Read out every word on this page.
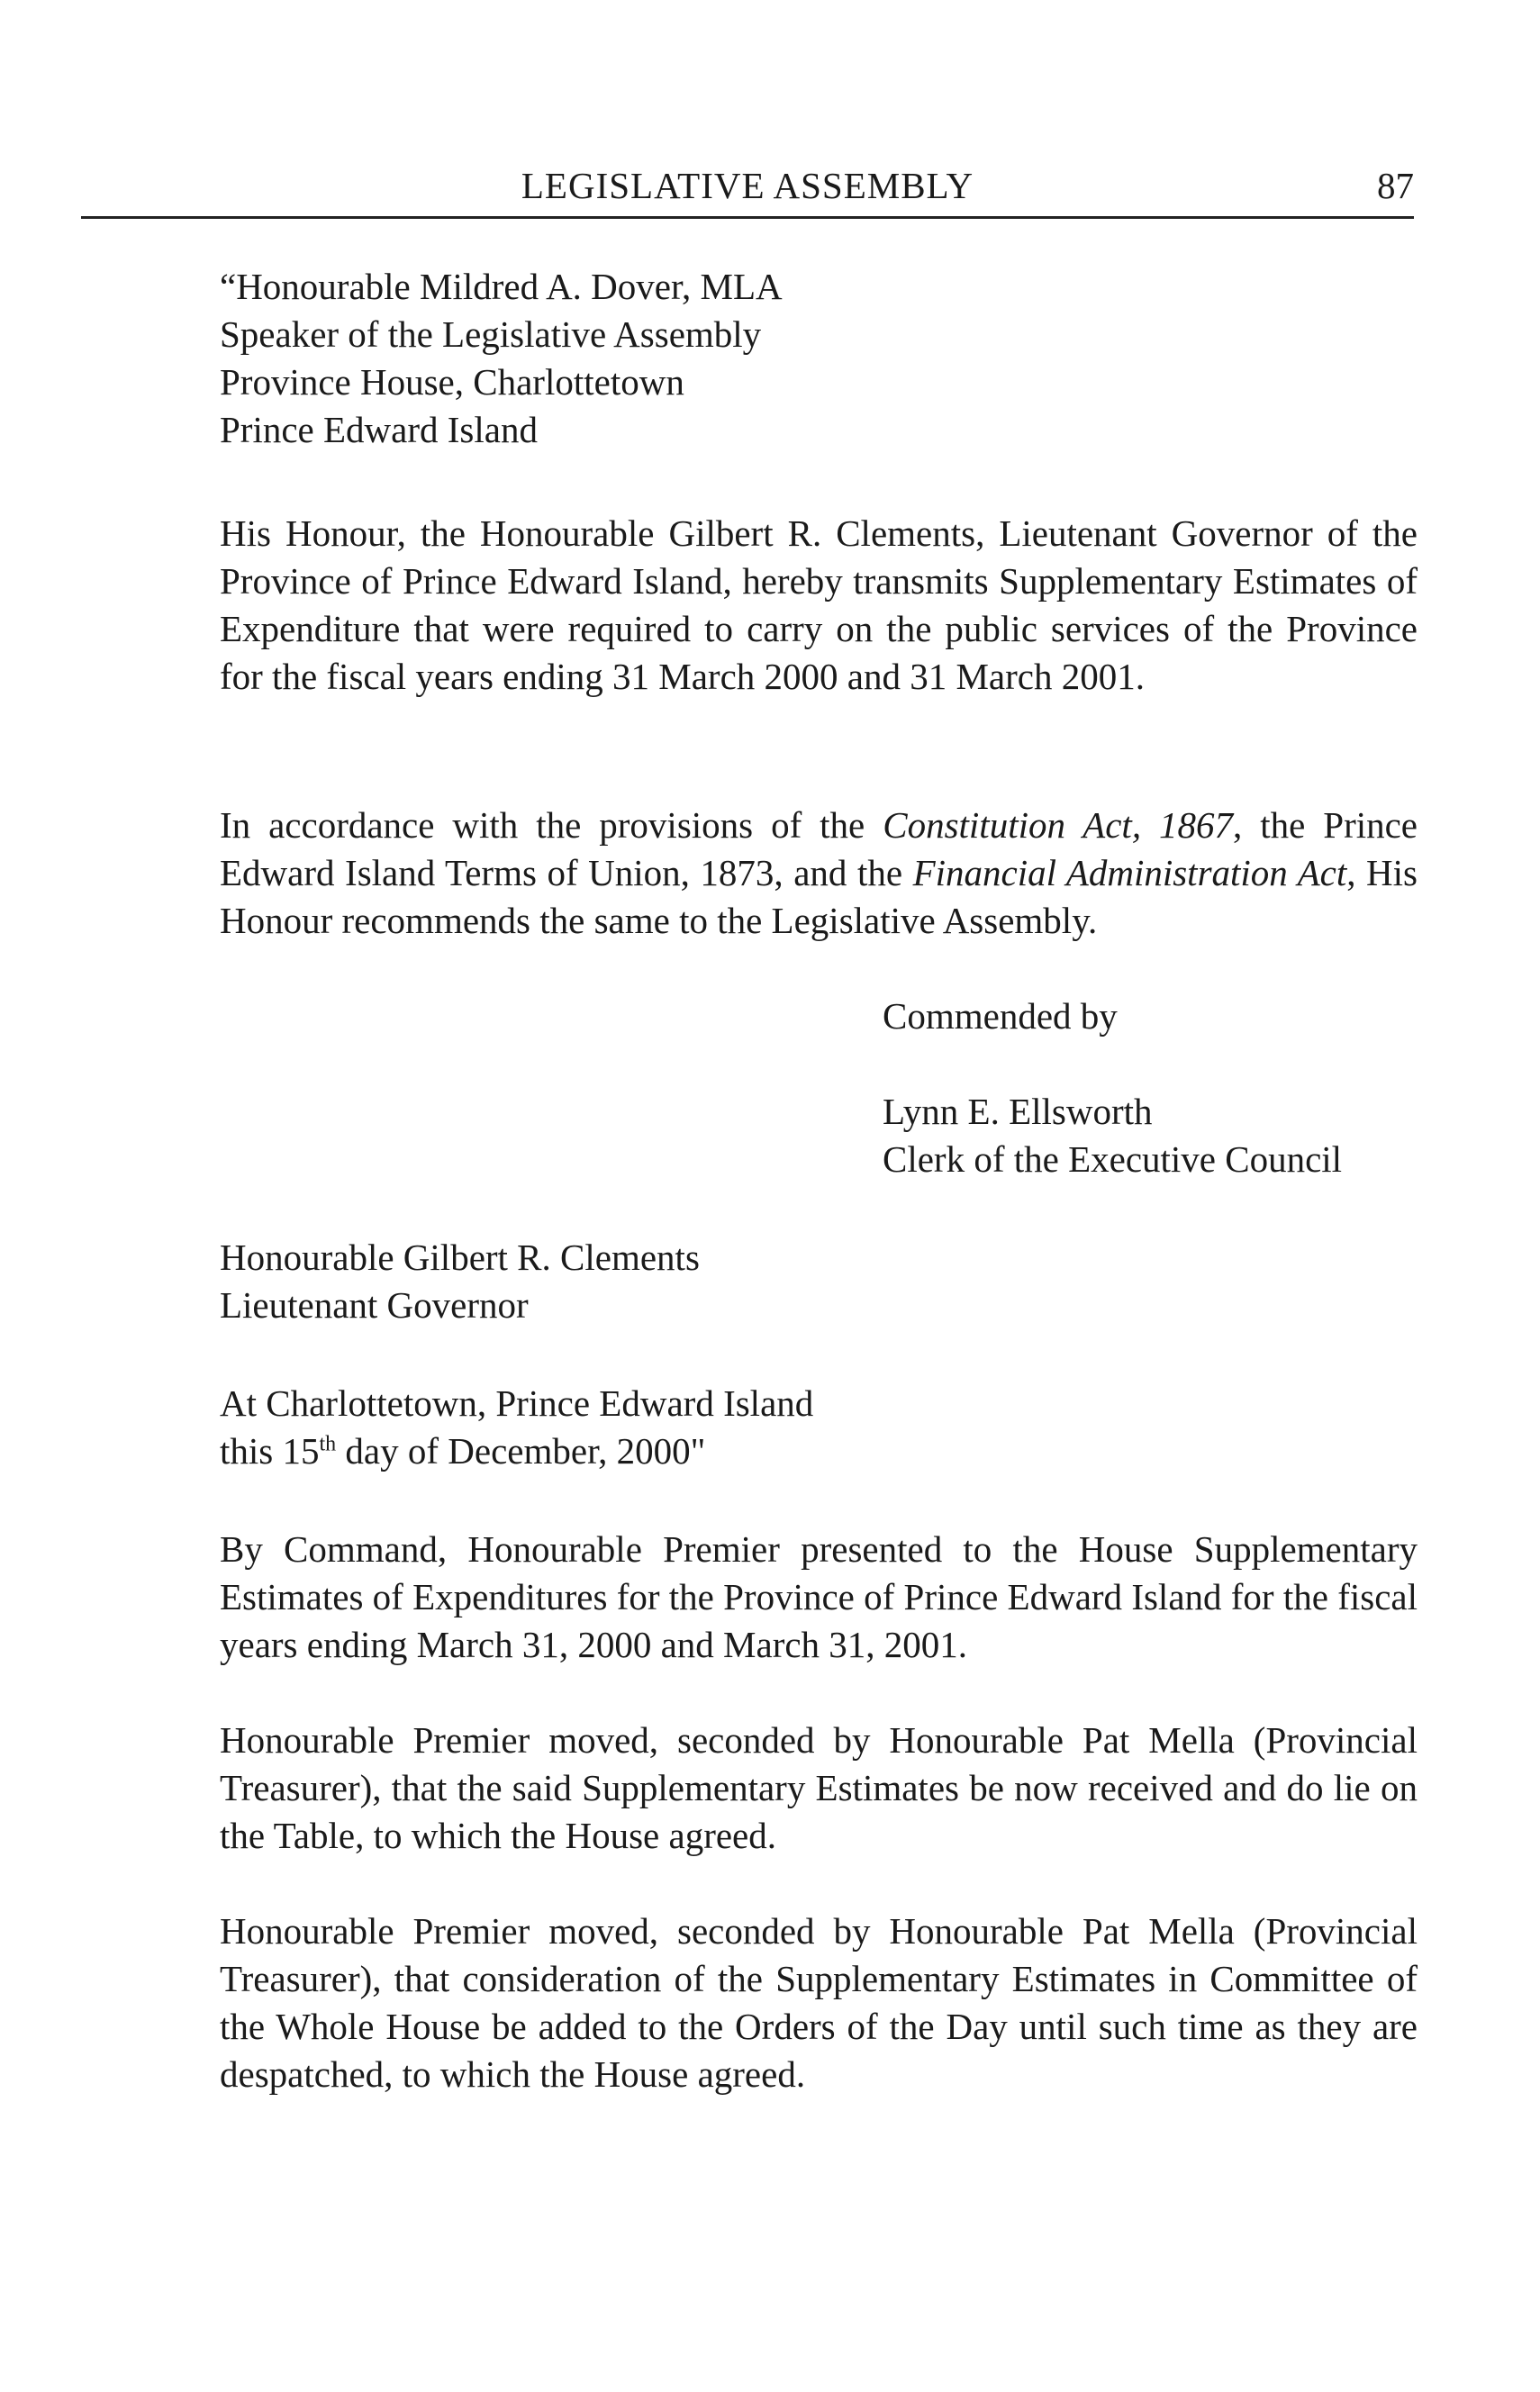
LEGISLATIVE ASSEMBLY	87
“Honourable Mildred A. Dover, MLA
Speaker of the Legislative Assembly
Province House, Charlottetown
Prince Edward Island

His Honour, the Honourable Gilbert R. Clements, Lieutenant Governor of the Province of Prince Edward Island, hereby transmits Supplementary Estimates of Expenditure that were required to carry on the public services of the Province for the fiscal years ending 31 March 2000 and 31 March 2001.

In accordance with the provisions of the Constitution Act, 1867, the Prince Edward Island Terms of Union, 1873, and the Financial Administration Act, His Honour recommends the same to the Legislative Assembly.

Commended by
Lynn E. Ellsworth
Clerk of the Executive Council
Honourable Gilbert R. Clements
Lieutenant Governor
At Charlottetown, Prince Edward Island
this 15th day of December, 2000"

By Command, Honourable Premier presented to the House Supplementary Estimates of Expenditures for the Province of Prince Edward Island for the fiscal years ending March 31, 2000 and March 31, 2001.

Honourable Premier moved, seconded by Honourable Pat Mella (Provincial Treasurer), that the said Supplementary Estimates be now received and do lie on the Table, to which the House agreed.

Honourable Premier moved, seconded by Honourable Pat Mella (Provincial Treasurer), that consideration of the Supplementary Estimates in Committee of the Whole House be added to the Orders of the Day until such time as they are despatched, to which the House agreed.
